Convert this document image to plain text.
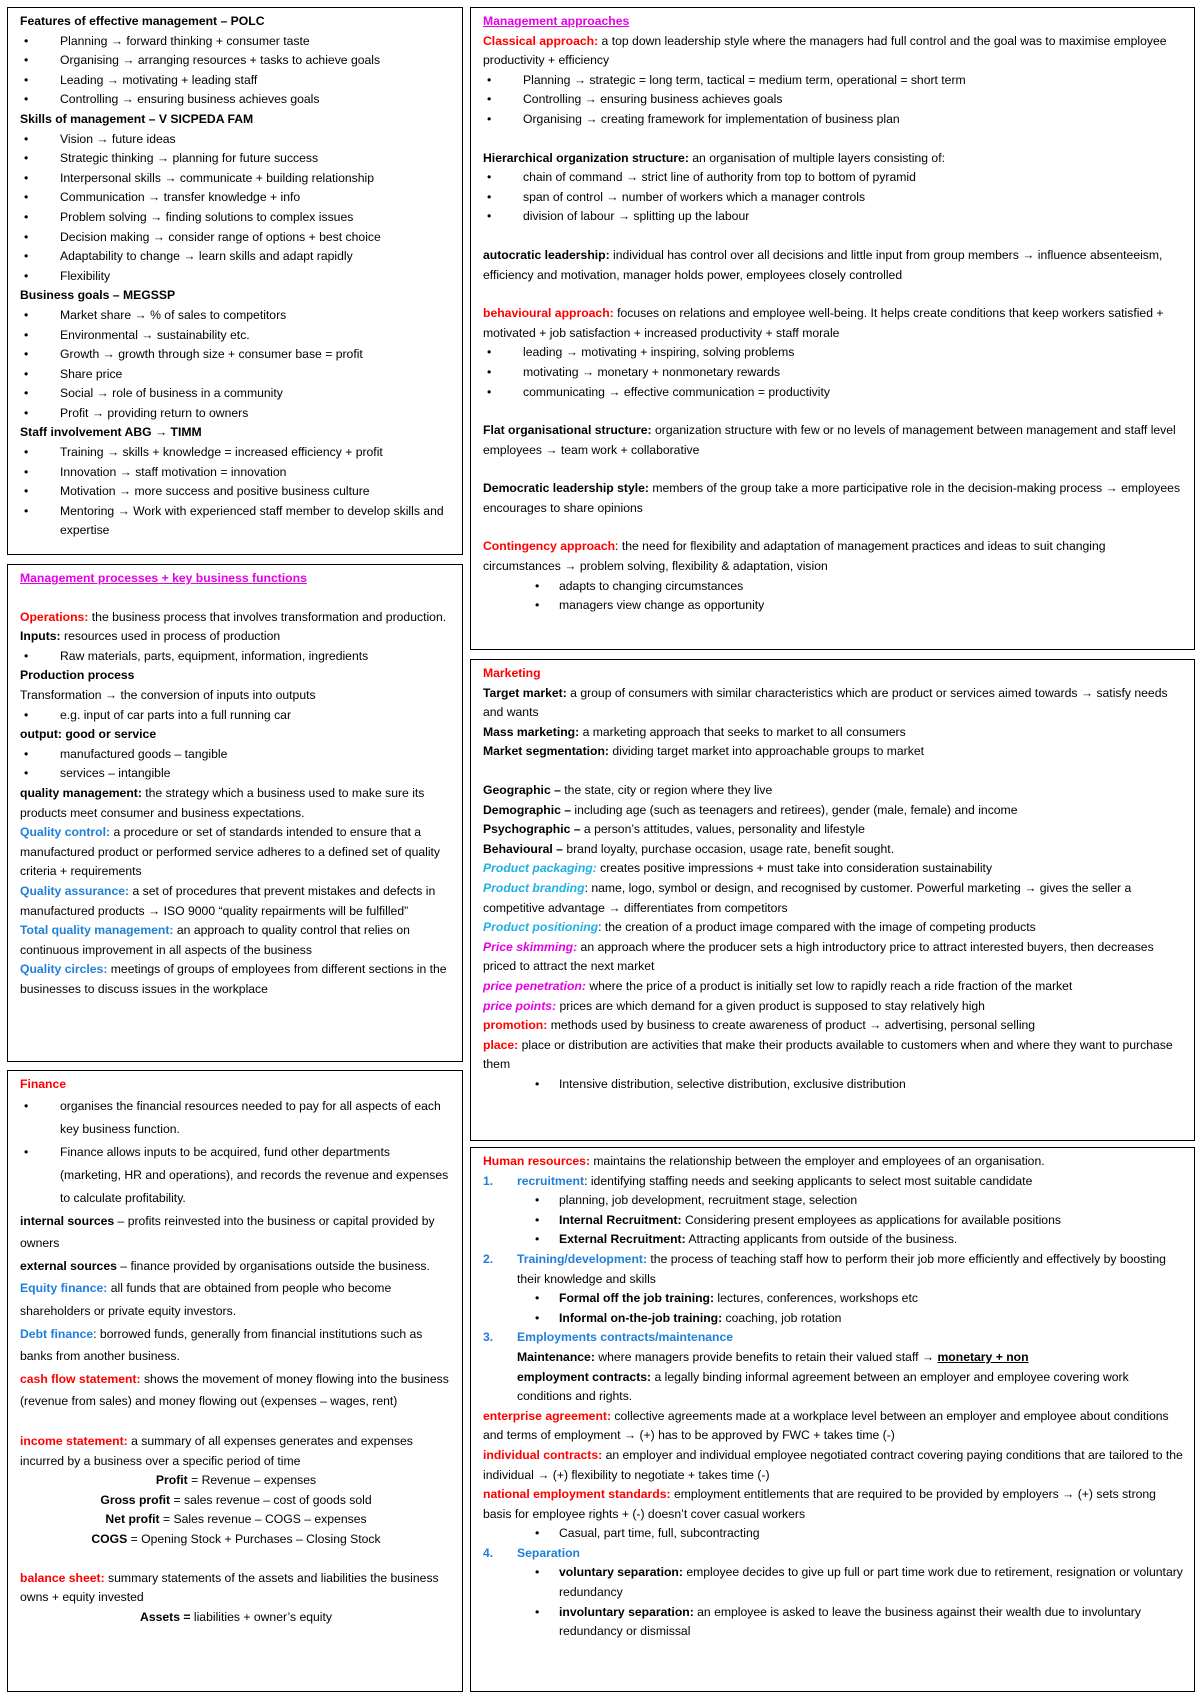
Features of effective management – POLC

• Planning → forward thinking + consumer taste
• Organising → arranging resources + tasks to achieve goals
• Leading → motivating + leading staff
• Controlling → ensuring business achieves goals

Skills of management – V SICPEDA FAM

• Vision → future ideas
• Strategic thinking → planning for future success
• Interpersonal skills → communicate + building relationship
• Communication → transfer knowledge + info
• Problem solving → finding solutions to complex issues
• Decision making → consider range of options + best choice
• Adaptability to change → learn skills and adapt rapidly
• Flexibility

Business goals – MEGSSP

• Market share → % of sales to competitors
• Environmental → sustainability etc.
• Growth → growth through size + consumer base = profit
• Share price
• Social → role of business in a community
• Profit → providing return to owners

Staff involvement ABG → TIMM

• Training → skills + knowledge = increased efficiency + profit
• Innovation → staff motivation = innovation
• Motivation → more success and positive business culture
• Mentoring → Work with experienced staff member to develop skills and expertise

Management processes + key business functions

Operations: the business process that involves transformation and production.

Inputs: resources used in process of production

• Raw materials, parts, equipment, information, ingredients

Production process

Transformation → the conversion of inputs into outputs

• e.g. input of car parts into a full running car

output: good or service

• manufactured goods – tangible
• services – intangible

quality management: the strategy which a business used to make sure its products meet consumer and business expectations.

Quality control: a procedure or set of standards intended to ensure that a manufactured product or performed service adheres to a defined set of quality criteria + requirements

Quality assurance: a set of procedures that prevent mistakes and defects in manufactured products → ISO 9000 “quality repairments will be fulfilled”

Total quality management: an approach to quality control that relies on continuous improvement in all aspects of the business

Quality circles: meetings of groups of employees from different sections in the businesses to discuss issues in the workplace

Finance

• organises the financial resources needed to pay for all aspects of each key business function.
• Finance allows inputs to be acquired, fund other departments (marketing, HR and operations), and records the revenue and expenses to calculate profitability.

internal sources – profits reinvested into the business or capital provided by owners

external sources – finance provided by organisations outside the business.

Equity finance: all funds that are obtained from people who become shareholders or private equity investors.

Debt finance: borrowed funds, generally from financial institutions such as banks from another business.

cash flow statement: shows the movement of money flowing into the business (revenue from sales) and money flowing out (expenses – wages, rent)

income statement: a summary of all expenses generates and expenses incurred by a business over a specific period of time

Profit = Revenue – expenses

Gross profit = sales revenue – cost of goods sold

Net profit = Sales revenue – COGS – expenses

COGS = Opening Stock + Purchases – Closing Stock

balance sheet: summary statements of the assets and liabilities the business owns + equity invested

Assets = liabilities + owner’s equity

Management approaches

Classical approach: a top down leadership style where the managers had full control and the goal was to maximise employee productivity + efficiency

• Planning → strategic = long term, tactical = medium term, operational = short term
• Controlling → ensuring business achieves goals
• Organising → creating framework for implementation of business plan

Hierarchical organization structure: an organisation of multiple layers consisting of:

• chain of command → strict line of authority from top to bottom of pyramid
• span of control → number of workers which a manager controls
• division of labour → splitting up the labour

autocratic leadership: individual has control over all decisions and little input from group members → influence absenteeism, efficiency and motivation, manager holds power, employees closely controlled

behavioural approach: focuses on relations and employee well-being. It helps create conditions that keep workers satisfied + motivated + job satisfaction + increased productivity + staff morale

• leading → motivating + inspiring, solving problems
• motivating → monetary + nonmonetary rewards
• communicating → effective communication = productivity

Flat organisational structure: organization structure with few or no levels of management between management and staff level employees → team work + collaborative

Democratic leadership style: members of the group take a more participative role in the decision-making process → employees encourages to share opinions

Contingency approach: the need for flexibility and adaptation of management practices and ideas to suit changing circumstances → problem solving, flexibility & adaptation, vision

• adapts to changing circumstances
• managers view change as opportunity

Marketing

Target market: a group of consumers with similar characteristics which are product or services aimed towards → satisfy needs and wants

Mass marketing: a marketing approach that seeks to market to all consumers

Market segmentation: dividing target market into approachable groups to market

Geographic – the state, city or region where they live

Demographic – including age (such as teenagers and retirees), gender (male, female) and income

Psychographic – a person’s attitudes, values, personality and lifestyle

Behavioural – brand loyalty, purchase occasion, usage rate, benefit sought.

Product packaging: creates positive impressions + must take into consideration sustainability

Product branding: name, logo, symbol or design, and recognised by customer. Powerful marketing → gives the seller a competitive advantage → differentiates from competitors

Product positioning: the creation of a product image compared with the image of competing products

Price skimming: an approach where the producer sets a high introductory price to attract interested buyers, then decreases priced to attract the next market

price penetration: where the price of a product is initially set low to rapidly reach a ride fraction of the market

price points: prices are which demand for a given product is supposed to stay relatively high

promotion: methods used by business to create awareness of product → advertising, personal selling

place: place or distribution are activities that make their products available to customers when and where they want to purchase them

• Intensive distribution, selective distribution, exclusive distribution

Human resources: maintains the relationship between the employer and employees of an organisation.

1. recruitment: identifying staffing needs and seeking applicants to select most suitable candidate
• planning, job development, recruitment stage, selection
• Internal Recruitment: Considering present employees as applications for available positions
• External Recruitment: Attracting applicants from outside of the business.
2. Training/development: the process of teaching staff how to perform their job more efficiently and effectively by boosting their knowledge and skills
• Formal off the job training: lectures, conferences, workshops etc
• Informal on-the-job training: coaching, job rotation
3. Employments contracts/maintenance
Maintenance: where managers provide benefits to retain their valued staff → monetary + non
employment contracts: a legally binding informal agreement between an employer and employee covering work conditions and rights.

enterprise agreement: collective agreements made at a workplace level between an employer and employee about conditions and terms of employment → (+) has to be approved by FWC + takes time (-)

individual contracts: an employer and individual employee negotiated contract covering paying conditions that are tailored to the individual → (+) flexibility to negotiate + takes time (-)

national employment standards: employment entitlements that are required to be provided by employers → (+) sets strong basis for employee rights + (-) doesn’t cover casual workers

• Casual, part time, full, subcontracting
4. Separation
• voluntary separation: employee decides to give up full or part time work due to retirement, resignation or voluntary redundancy
• involuntary separation: an employee is asked to leave the business against their wealth due to involuntary redundancy or dismissal
